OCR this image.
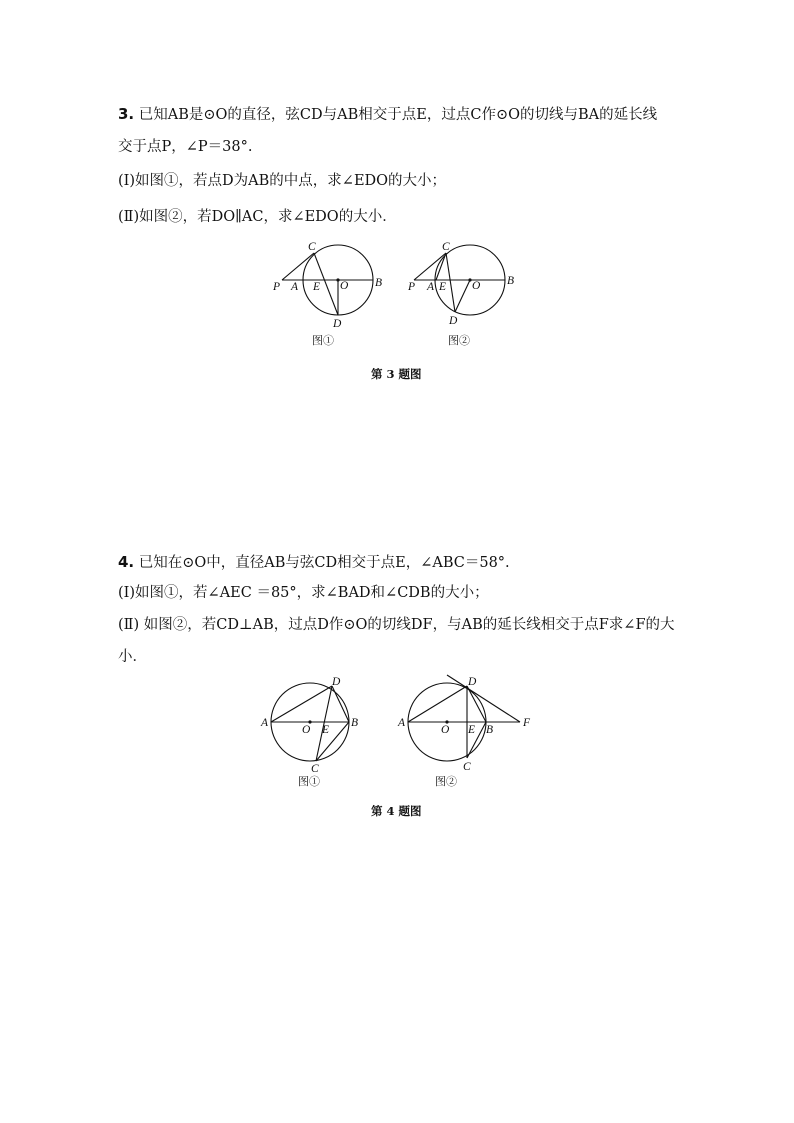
3. 已知AB是⊙O的直径，弦CD与AB相交于点E，过点C作⊙O的切线与BA的延长线
交于点P，∠P＝38°.
(Ⅰ)如图①，若点D为AB的中点，求∠EDO的大小；
(Ⅱ)如图②，若DO∥AC，求∠EDO的大小．
P A E O B
C
D
图①
P A E O B
C
D
图②
第 3 题图
4. 已知在⊙O中，直径AB与弦CD相交于点E，∠ABC＝58°.
(Ⅰ)如图①，若∠AEC ＝85°，求∠BAD和∠CDB的大小；
(Ⅱ) 如图②，若CD⊥AB，过点D作⊙O的切线DF，与AB的延长线相交于点F求∠F的大
小．
A
O E
B
D
C
图①
A
O E B
F
D
C
图②
第 4 题图
